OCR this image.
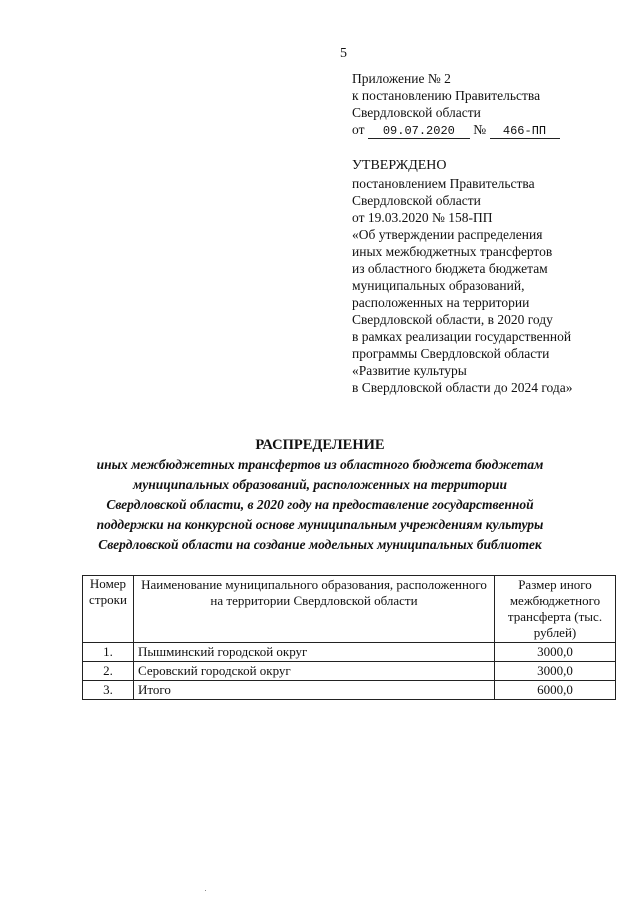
5
Приложение № 2
к постановлению Правительства
Свердловской области
от 09.07.2020 № 466-ПП
УТВЕРЖДЕНО
постановлением Правительства
Свердловской области
от 19.03.2020 № 158-ПП
«Об утверждении распределения
иных межбюджетных трансфертов
из областного бюджета бюджетам
муниципальных образований,
расположенных на территории
Свердловской области, в 2020 году
в рамках реализации государственной
программы Свердловской области
«Развитие культуры
в Свердловской области до 2024 года»
РАСПРЕДЕЛЕНИЕ
иных межбюджетных трансфертов из областного бюджета бюджетам
муниципальных образований, расположенных на территории
Свердловской области, в 2020 году на предоставление государственной
поддержки на конкурсной основе муниципальным учреждениям культуры
Свердловской области на создание модельных муниципальных библиотек
Номер строки	Наименование муниципального образования, расположенного на территории Свердловской области	Размер иного межбюджетного трансферта (тыс. рублей)
1.	Пышминский городской округ	3000,0
2.	Серовский городской округ	3000,0
3.	Итого	6000,0
